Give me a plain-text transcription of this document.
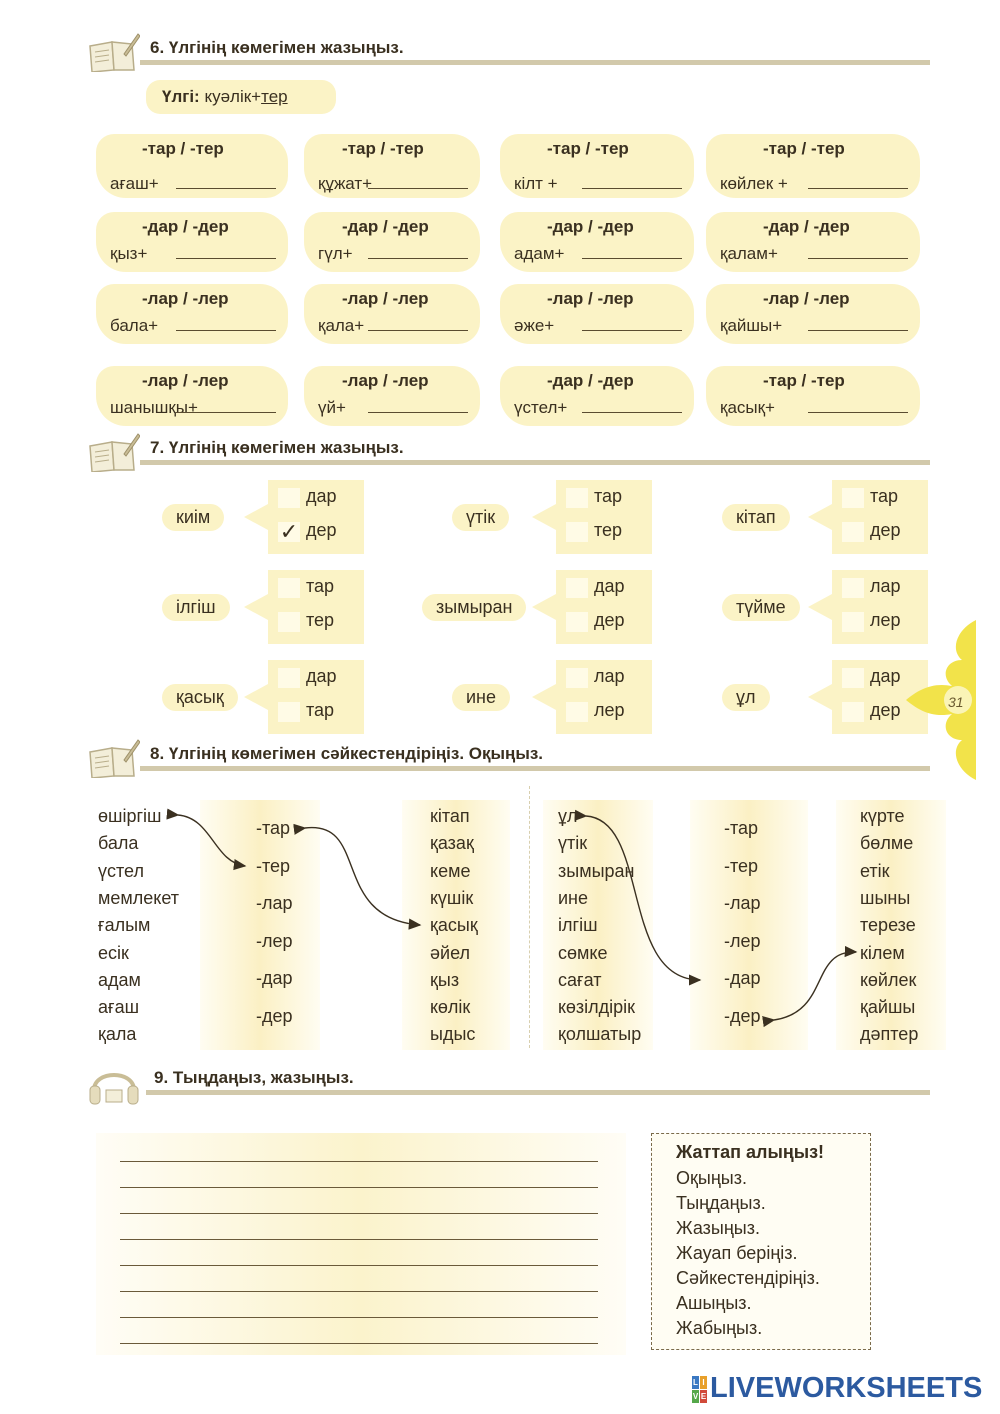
6. Үлгінің көмегімен жазыңыз.
Үлгі: куәлік+тер
-тар / -тер
ағаш+
-тар / -тер
құжат+
-тар / -тер
кілт +
-тар / -тер
көйлек +
-дар / -дер
қыз+
-дар / -дер
гүл+
-дар / -дер
адам+
-дар / -дер
қалам+
-лар / -лер
бала+
-лар / -лер
қала+
-лар / -лер
әже+
-лар / -лер
қайшы+
-лар / -лер
шанышқы+
-лар / -лер
үй+
-дар / -дер
үстел+
-тар / -тер
қасық+
7. Үлгінің көмегімен жазыңыз.
киім
дар
✓ дер
үтік
тар
тер
кітап
тар
дер
ілгіш
тар
тер
зымыран
дар
дер
түйме
лар
лер
қасық
дар
тар
ине
лар
лер
ұл
дар
дер	31
8. Үлгінің көмегімен сәйкестендіріңіз. Оқыңыз.
өшіргіш
бала
үстел
мемлекет
ғалым
есік
адам
ағаш
қала
-тар
-тер
-лар
-лер
-дар
-дер
кітап
қазақ
кеме
күшік
қасық
әйел
қыз
көлік
ыдыс
ұл
үтік
зымыран
ине
ілгіш
сөмке
сағат
көзілдірік
қолшатыр
-тар
-тер
-лар
-лер
-дар
-дер
күрте
бөлме
етік
шыны
терезе
кілем
көйлек
қайшы
дәптер
9. Тыңдаңыз, жазыңыз.
Жаттап алыңыз!
Оқыңыз.
Тыңдаңыз.
Жазыңыз.
Жауап беріңіз.
Сәйкестендіріңіз.
Ашыңыз.
Жабыңыз.
L I
V E LIVEWORKSHEETS
